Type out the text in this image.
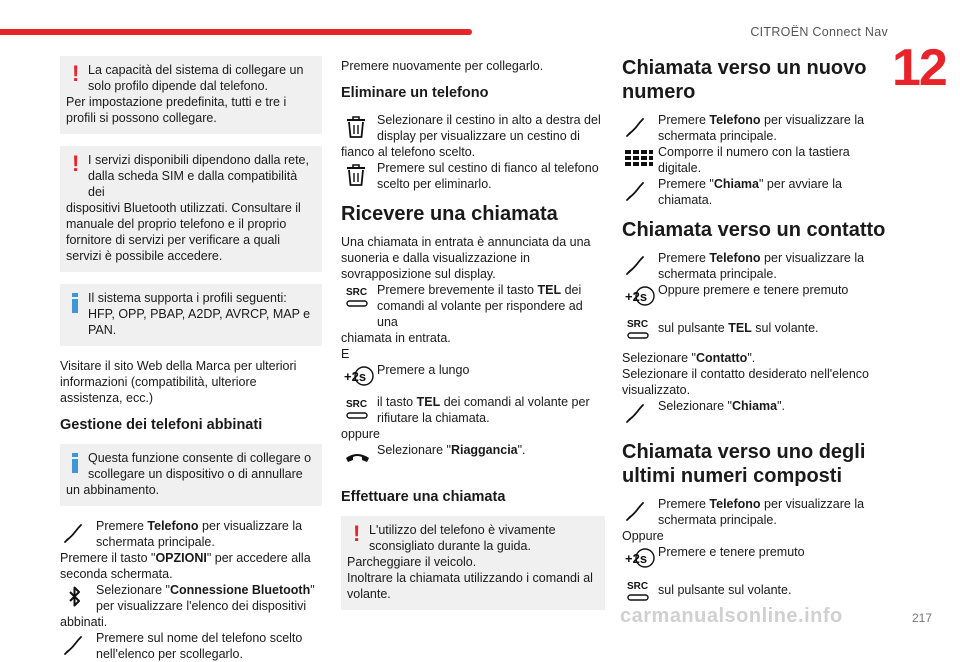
CITROËN Connect Nav
12
! La capacità del sistema di collegare un solo profilo dipende dal telefono.

Per impostazione predefinita, tutti e tre i profili si possono collegare.

! I servizi disponibili dipendono dalla rete, dalla scheda SIM e dalla compatibilità dei

dispositivi Bluetooth utilizzati. Consultare il manuale del proprio telefono e il proprio fornitore di servizi per verificare a quali servizi è possibile accedere.

Il sistema supporta i profili seguenti: HFP, OPP, PBAP, A2DP, AVRCP, MAP e PAN.

Visitare il sito Web della Marca per ulteriori informazioni (compatibilità, ulteriore assistenza, ecc.)

Gestione dei telefoni abbinati

Questa funzione consente di collegare o scollegare un dispositivo o di annullare

un abbinamento.

Premere Telefono per visualizzare la schermata principale.

Premere il tasto "OPZIONI" per accedere alla seconda schermata.

Selezionare "Connessione Bluetooth" per visualizzare l'elenco dei dispositivi

abbinati.

Premere sul nome del telefono scelto nell'elenco per scollegarlo.

Premere nuovamente per collegarlo.

Eliminare un telefono

Selezionare il cestino in alto a destra del display per visualizzare un cestino di

fianco al telefono scelto.

Premere sul cestino di fianco al telefono scelto per eliminarlo.

Ricevere una chiamata

Una chiamata in entrata è annunciata da una suoneria e dalla visualizzazione in sovrapposizione sul display.

SRC Premere brevemente il tasto TEL dei comandi al volante per rispondere ad una

chiamata in entrata.

E

+2s Premere a lungo

SRC il tasto TEL dei comandi al volante per rifiutare la chiamata.

oppure

Selezionare "Riaggancia".

Effettuare una chiamata
! L'utilizzo del telefono è vivamente sconsigliato durante la guida.

Parcheggiare il veicolo.

Inoltrare la chiamata utilizzando i comandi al volante.

Chiamata verso un nuovo numero

Premere Telefono per visualizzare la schermata principale.

Comporre il numero con la tastiera digitale.

Premere "Chiama" per avviare la chiamata.

Chiamata verso un contatto

Premere Telefono per visualizzare la schermata principale.

+2s Oppure premere e tenere premuto

SRC sul pulsante TEL sul volante.

Selezionare "Contatto".

Selezionare il contatto desiderato nell'elenco visualizzato.

Selezionare "Chiama".

Chiamata verso uno degli ultimi numeri composti

Premere Telefono per visualizzare la schermata principale.

Oppure

+2s Premere e tenere premuto

SRC sul pulsante sul volante.

carmanualsonline.info	217
